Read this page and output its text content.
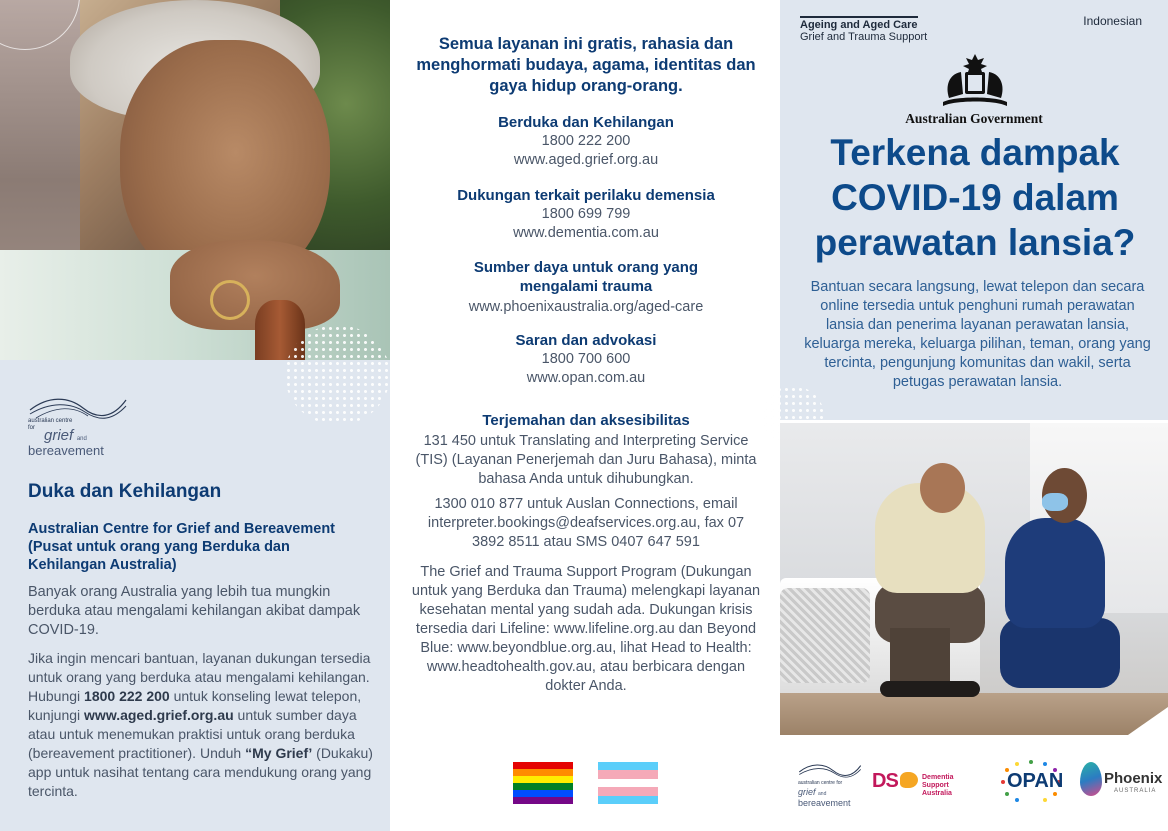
australian centre
for grief and
bereavement
Duka dan Kehilangan
Australian Centre for Grief and Bereavement (Pusat untuk orang yang Berduka dan Kehilangan Australia)
Banyak orang Australia yang lebih tua mungkin berduka atau mengalami kehilangan akibat dampak COVID-19.
Jika ingin mencari bantuan, layanan dukungan tersedia untuk orang yang berduka atau mengalami kehilangan. Hubungi 1800 222 200 untuk konseling lewat telepon, kunjungi www.aged.grief.org.au untuk sumber daya atau untuk menemukan praktisi untuk orang berduka (bereavement practitioner). Unduh “My Grief’ (Dukaku) app untuk nasihat tentang cara mendukung orang yang tercinta.
Semua layanan ini gratis, rahasia dan menghormati budaya, agama, identitas dan gaya hidup orang-orang.
Berduka dan Kehilangan
1800 222 200
www.aged.grief.org.au
Dukungan terkait perilaku demensia
1800 699 799
www.dementia.com.au
Sumber daya untuk orang yang mengalami trauma
www.phoenixaustralia.org/aged-care
Saran dan advokasi
1800 700 600
www.opan.com.au
Terjemahan dan aksesibilitas
131 450 untuk Translating and Interpreting Service (TIS) (Layanan Penerjemah dan Juru Bahasa), minta bahasa Anda untuk dihubungkan.
1300 010 877 untuk Auslan Connections, email interpreter.bookings@deafservices.org.au, fax 07 3892 8511 atau SMS 0407 647 591
The Grief and Trauma Support Program (Dukungan untuk yang Berduka dan Trauma) melengkapi layanan kesehatan mental yang sudah ada. Dukungan krisis tersedia dari Lifeline: www.lifeline.org.au dan Beyond Blue: www.beyondblue.org.au, lihat Head to Health: www.headtohealth.gov.au, atau berbicara dengan dokter Anda.
Ageing and Aged Care
Grief and Trauma Support
Indonesian
Australian Government
Terkena dampak COVID-19 dalam perawatan lansia?
Bantuan secara langsung, lewat telepon dan secara online tersedia untuk penghuni rumah perawatan lansia dan penerima layanan perawatan lansia, keluarga mereka, keluarga pilihan, teman, orang yang tercinta, pengunjung komunitas dan wakil, serta petugas perawatan lansia.
australian centre for
grief and
bereavement
DS	Dementia Support
Australia
OPAN	Phoenix
AUSTRALIA
